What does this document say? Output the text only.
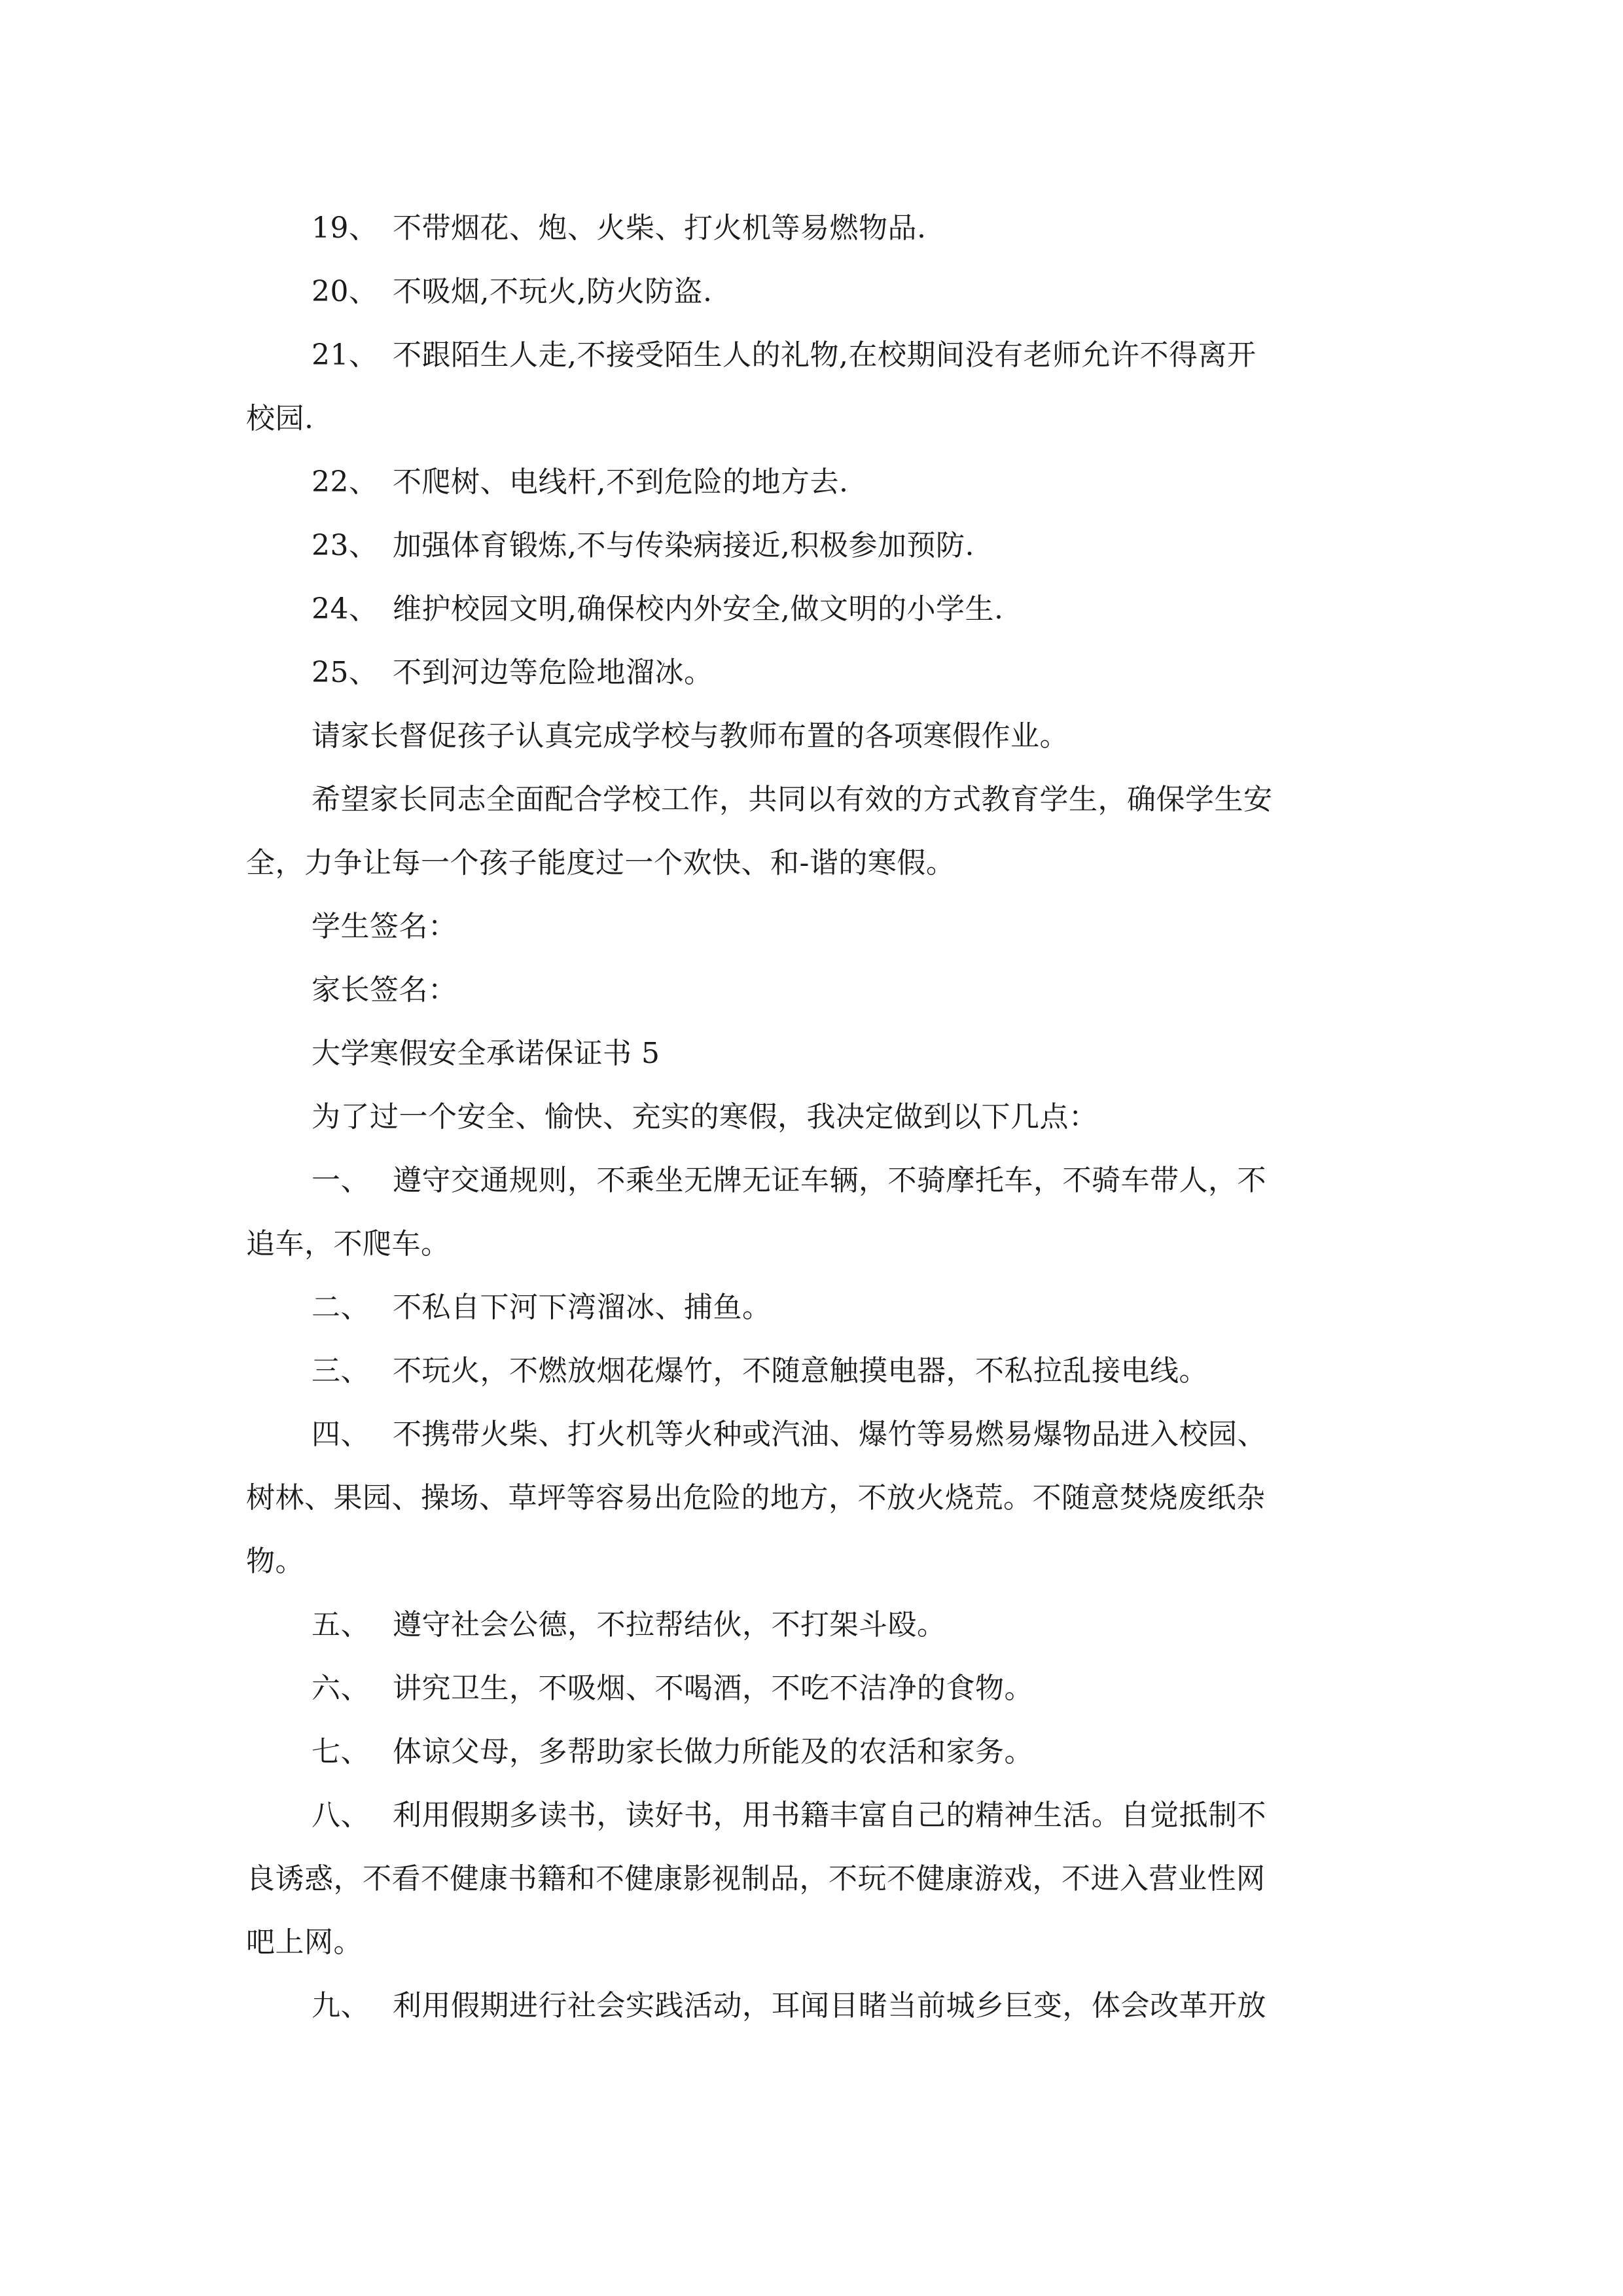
19、 不带烟花、炮、火柴、打火机等易燃物品.
20、 不吸烟,不玩火,防火防盗.
21、 不跟陌生人走,不接受陌生人的礼物,在校期间没有老师允许不得离开
校园.
22、 不爬树、电线杆,不到危险的地方去.
23、 加强体育锻炼,不与传染病接近,积极参加预防.
24、 维护校园文明,确保校内外安全,做文明的小学生.
25、 不到河边等危险地溜冰。
请家长督促孩子认真完成学校与教师布置的各项寒假作业。
希望家长同志全面配合学校工作，共同以有效的方式教育学生，确保学生安
全，力争让每一个孩子能度过一个欢快、和-谐的寒假。
学生签名：
家长签名：
大学寒假安全承诺保证书 5
为了过一个安全、愉快、充实的寒假，我决定做到以下几点：
一、 遵守交通规则，不乘坐无牌无证车辆，不骑摩托车，不骑车带人，不
追车，不爬车。
二、 不私自下河下湾溜冰、捕鱼。
三、 不玩火，不燃放烟花爆竹，不随意触摸电器，不私拉乱接电线。
四、 不携带火柴、打火机等火种或汽油、爆竹等易燃易爆物品进入校园、
树林、果园、操场、草坪等容易出危险的地方，不放火烧荒。不随意焚烧废纸杂
物。
五、 遵守社会公德，不拉帮结伙，不打架斗殴。
六、 讲究卫生，不吸烟、不喝酒，不吃不洁净的食物。
七、 体谅父母，多帮助家长做力所能及的农活和家务。
八、 利用假期多读书，读好书，用书籍丰富自己的精神生活。自觉抵制不
良诱惑，不看不健康书籍和不健康影视制品，不玩不健康游戏，不进入营业性网
吧上网。
九、 利用假期进行社会实践活动，耳闻目睹当前城乡巨变，体会改革开放
